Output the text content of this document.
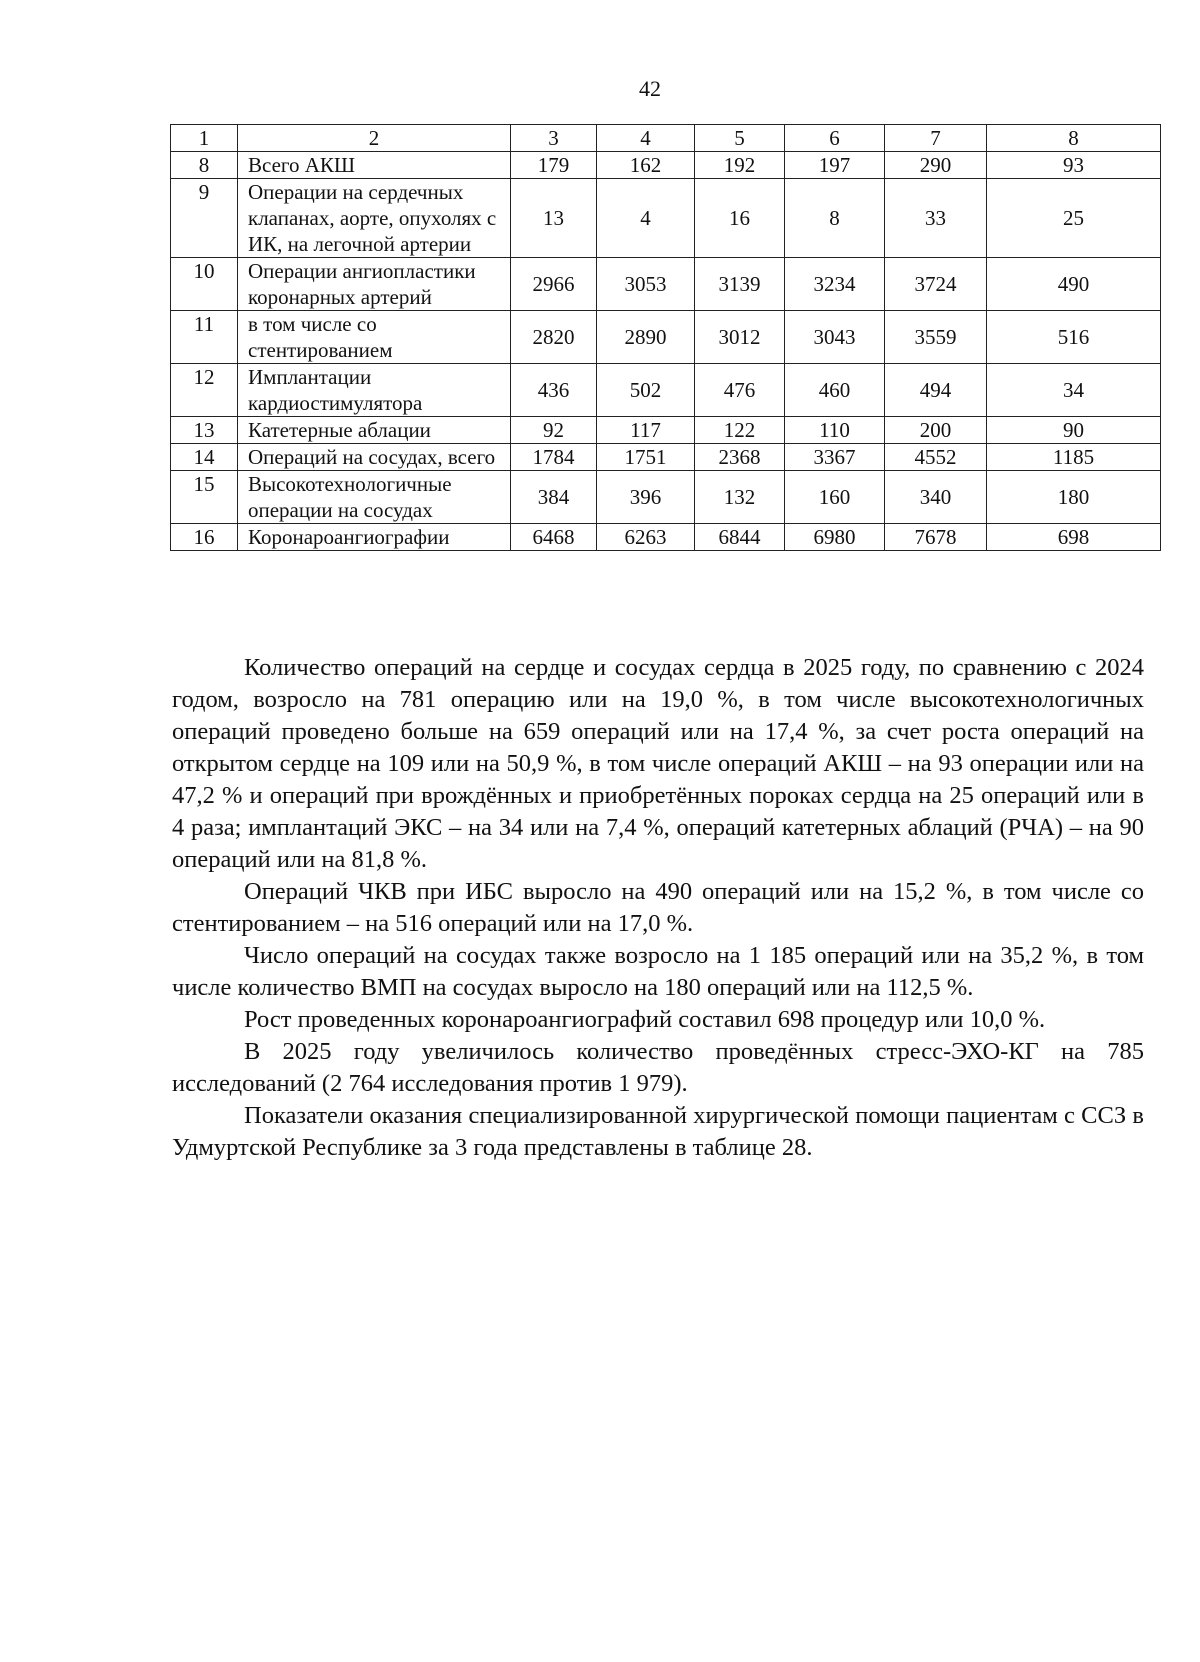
42
1	2	3	4	5	6	7	8
8	Всего АКШ	179	162	192	197	290	93
9	Операции на сердечных клапанах, аорте, опухолях с ИК, на легочной артерии	13	4	16	8	33	25
10	Операции ангиопластики коронарных артерий	2966	3053	3139	3234	3724	490
11	в том числе со стентированием	2820	2890	3012	3043	3559	516
12	Имплантации кардиостимулятора	436	502	476	460	494	34
13	Катетерные аблации	92	117	122	110	200	90
14	Операций на сосудах, всего	1784	1751	2368	3367	4552	1185
15	Высокотехнологичные операции на сосудах	384	396	132	160	340	180
16	Коронароангиографии	6468	6263	6844	6980	7678	698

Количество операций на сердце и сосудах сердца в 2025 году, по сравнению с 2024 годом, возросло на 781 операцию или на 19,0 %, в том числе высокотехнологичных операций проведено больше на 659 операций или на 17,4 %, за счет роста операций на открытом сердце на 109 или на 50,9 %, в том числе операций АКШ – на 93 операции или на 47,2 % и операций при врождённых и приобретённых пороках сердца на 25 операций или в 4 раза; имплантаций ЭКС – на 34 или на 7,4 %, операций катетерных аблаций (РЧА) – на 90 операций или на 81,8 %.

Операций ЧКВ при ИБС выросло на 490 операций или на 15,2 %, в том числе со стентированием – на 516 операций или на 17,0 %.

Число операций на сосудах также возросло на 1 185 операций или на 35,2 %, в том числе количество ВМП на сосудах выросло на 180 операций или на 112,5 %.

Рост проведенных коронароангиографий составил 698 процедур или 10,0 %.

В 2025 году увеличилось количество проведённых стресс-ЭХО-КГ на 785 исследований (2 764 исследования против 1 979).

Показатели оказания специализированной хирургической помощи пациентам с ССЗ в Удмуртской Республике за 3 года представлены в таблице 28.
